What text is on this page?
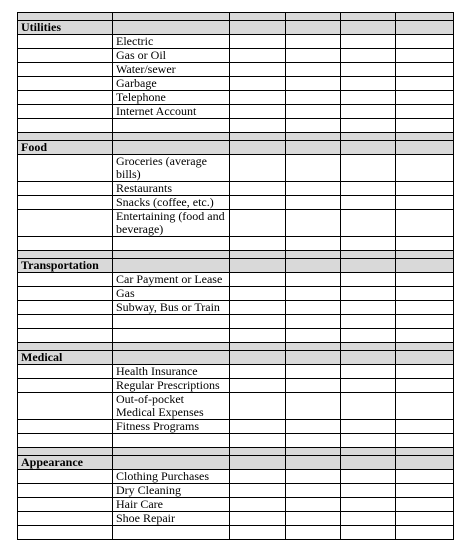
Utilities					
	Electric				
	Gas or Oil				
	Water/sewer				
	Garbage				
	Telephone				
	Internet Account				

Food					
	Groceries (average bills)				
	Restaurants				
	Snacks (coffee, etc.)				
	Entertaining (food and beverage)				

Transportation					
	Car Payment or Lease				
	Gas				
	Subway, Bus or Train				

Medical					
	Health Insurance				
	Regular Prescriptions				
	Out-of-pocket Medical Expenses				
	Fitness Programs				

Appearance					
	Clothing Purchases				
	Dry Cleaning				
	Hair Care				
	Shoe Repair				
